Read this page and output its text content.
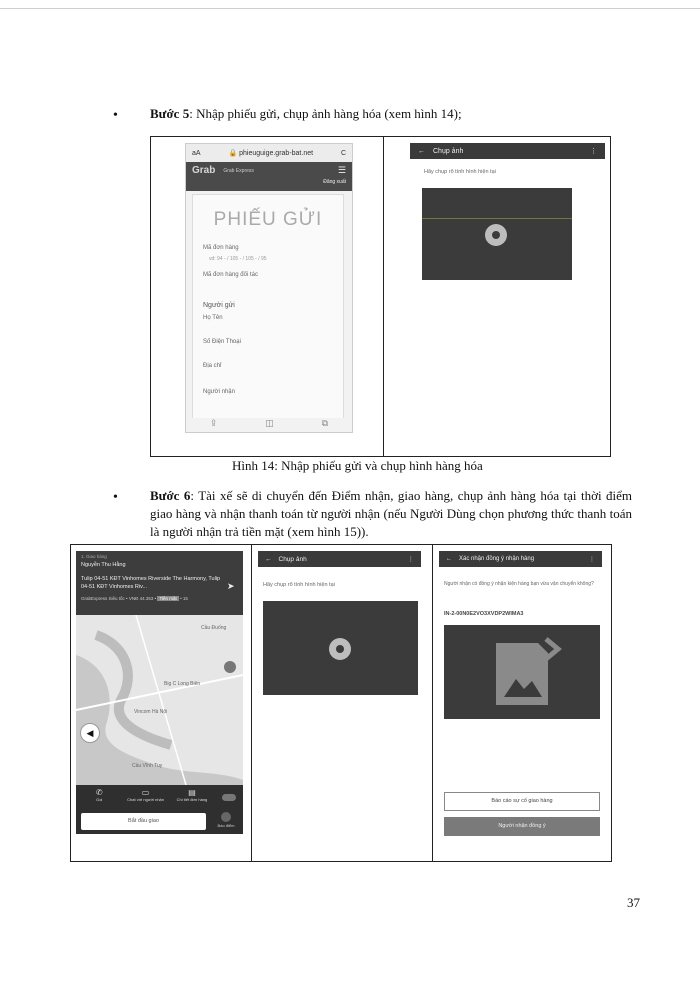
• Bước 5: Nhập phiếu gửi, chụp ảnh hàng hóa (xem hình 14);
aA	🔒 phieuguige.grab-bat.net	C
Grab Grab Express	☰
Đăng xuất
PHIẾU GỬI
Mã đơn hàng
vd: 94 - / 105 - / 105 - / 95
Mã đơn hàng đối tác
Người gửi
Họ Tên
Số Điện Thoại
Địa chỉ
Người nhận
⇪	◫	⧉
← Chụp ảnh	⋮
Hãy chụp rõ tình hình hiện tại
Hình 14: Nhập phiếu gửi và chụp hình hàng hóa
• Bước 6: Tài xế sẽ di chuyển đến Điểm nhận, giao hàng, chụp ảnh hàng hóa tại thời điểm giao hàng và nhận thanh toán từ người nhận (nếu Người Dùng chọn phương thức thanh toán là người nhận trả tiền mặt (xem hình 15)).
1. Giao hàng
Nguyễn Thu Hằng
Tulip 04-51 KĐT Vinhomes Riverside The Harmony, Tulip 04-51 KĐT Vinhomes Riv...	➤
GrabExpress Siêu tốc • VNĐ 44.353 • Tiền mặt • 15
Cầu Đuống
Big C Long Biên
Vincom Hà Nội
Cầu Vĩnh Tuy
◀
✆
Gọi
▭
Chat với người nhận
▤
Chi tiết đơn hàng
Bắt đầu giao
Báo điểm
← Chụp ảnh	⋮
Hãy chụp rõ tình hình hiện tại
← Xác nhận đồng ý nhận hàng	⋮
Người nhận có đồng ý nhận kiện hàng bạn vừa vận chuyển không?
IN-2-00N0E2VO3XVDP2WIMA3
Báo cáo sự cố giao hàng
Người nhận đồng ý
37
